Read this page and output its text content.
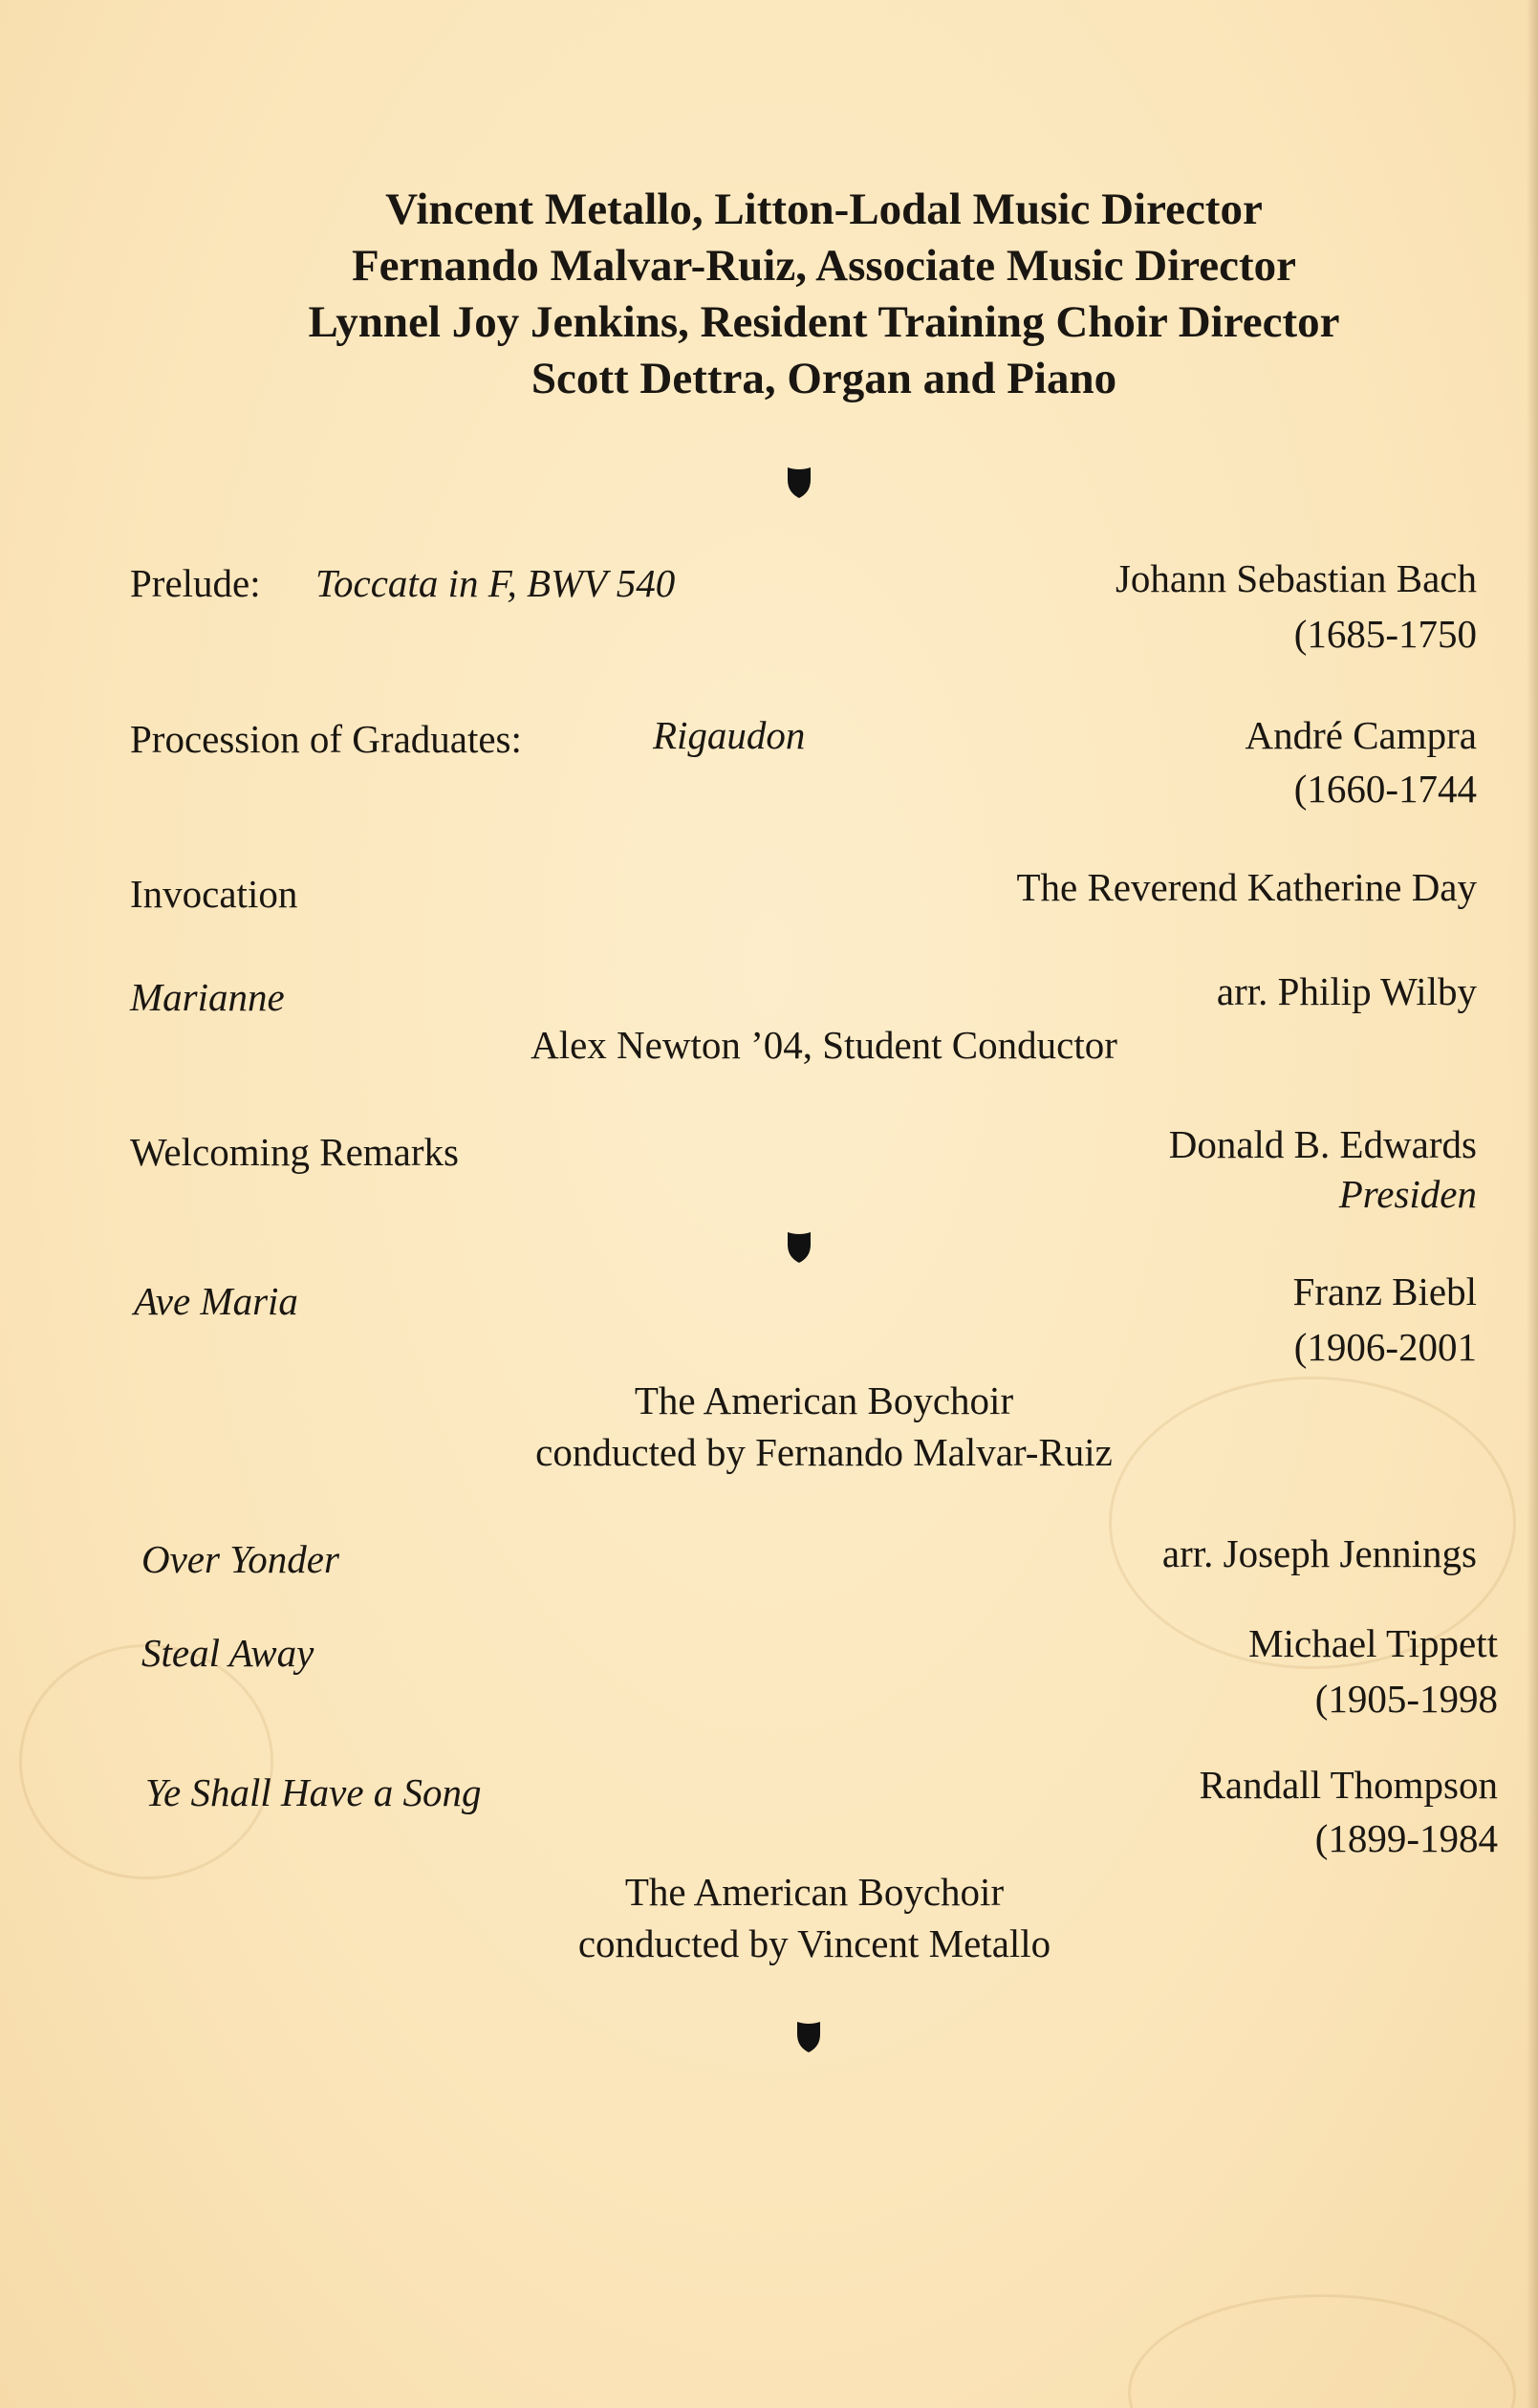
Vincent Metallo, Litton-Lodal Music Director
Fernando Malvar-Ruiz, Associate Music Director
Lynnel Joy Jenkins, Resident Training Choir Director
Scott Dettra, Organ and Piano
Prelude: Toccata in F, BWV 540	Johann Sebastian Bach
(1685-1750
Procession of Graduates:	Rigaudon	André Campra
(1660-1744
Invocation	The Reverend Katherine Day
Marianne	arr. Philip Wilby
Alex Newton ’04, Student Conductor
Welcoming Remarks	Donald B. Edwards
Presiden
Ave Maria	Franz Biebl
(1906-2001
The American Boychoir
conducted by Fernando Malvar-Ruiz
Over Yonder	arr. Joseph Jennings
Steal Away	Michael Tippett
(1905-1998
Ye Shall Have a Song	Randall Thompson
(1899-1984
The American Boychoir
conducted by Vincent Metallo
